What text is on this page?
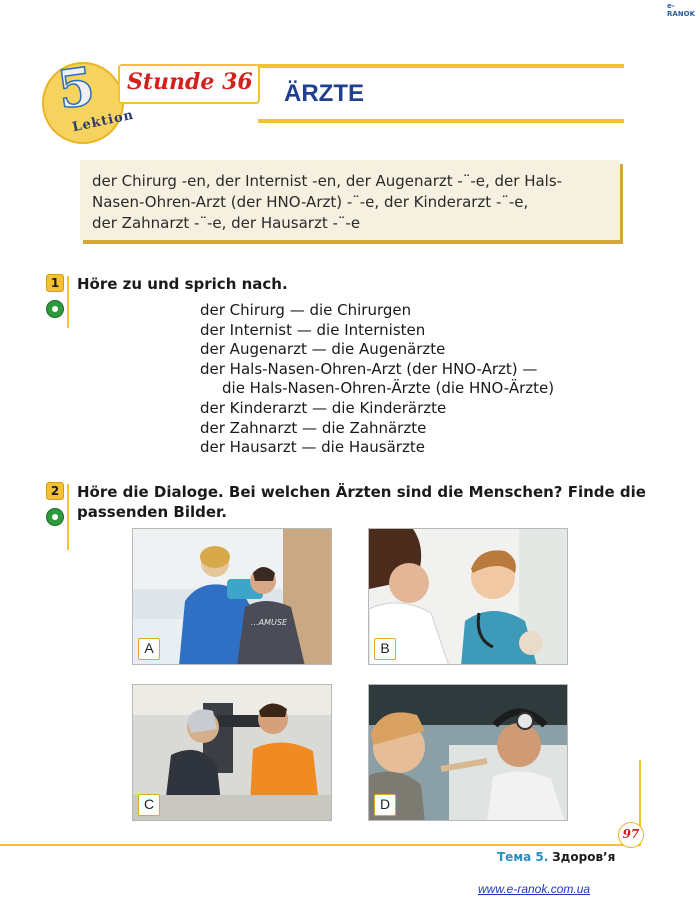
e-RANOK
5
Lektion
Stunde 36 ÄRZTE
der Chirurg -en, der Internist -en, der Augenarzt -¨-e, der Hals-
Nasen-Ohren-Arzt (der HNO-Arzt) -¨-e, der Kinderarzt -¨-e,
der Zahnarzt -¨-e, der Hausarzt -¨-e
1	Höre zu und sprich nach.
der Chirurg — die Chirurgen
der Internist — die Internisten
der Augenarzt — die Augenärzte
der Hals-Nasen-Ohren-Arzt (der HNO-Arzt) —
die Hals-Nasen-Ohren-Ärzte (die HNO-Ärzte)
der Kinderarzt — die Kinderärzte
der Zahnarzt — die Zahnärzte
der Hausarzt — die Hausärzte
2	Höre die Dialoge. Bei welchen Ärzten sind die Menschen? Finde die
passenden Bilder.
...AMUSE
A	B
C	D
97
Тема 5. Здоров’я
www.e-ranok.com.ua
